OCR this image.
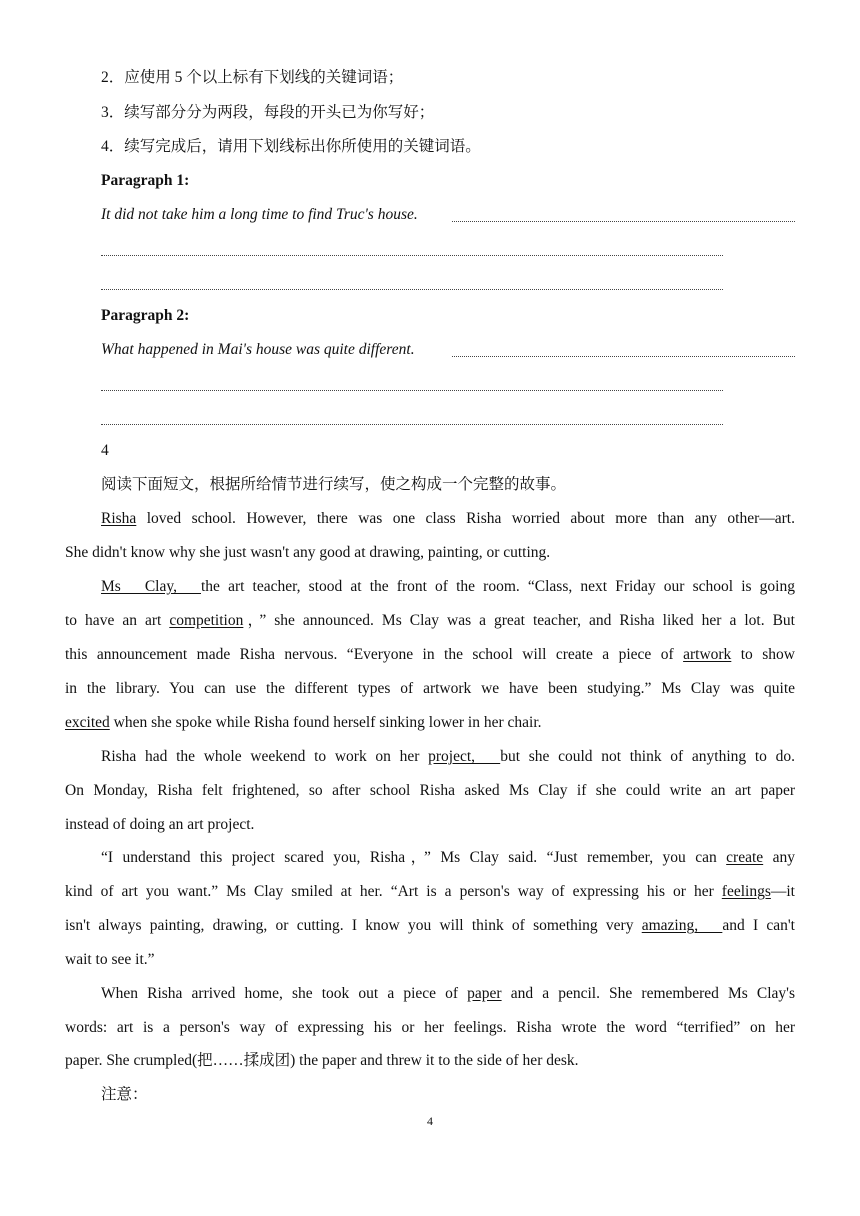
2．应使用 5 个以上标有下划线的关键词语；
3．续写部分分为两段，每段的开头已为你写好；
4．续写完成后，请用下划线标出你所使用的关键词语。
Paragraph 1:
It did not take him a long time to find Truc's house.
Paragraph 2:
What happened in Mai's house was quite different.
4
阅读下面短文，根据所给情节进行续写，使之构成一个完整的故事。
Risha loved school. However, there was one class Risha worried about more than any other—art.
She didn't know why she just wasn't any good at drawing, painting, or cutting.
Ms　Clay,　the art teacher, stood at the front of the room. “Class, next Friday our school is going
to have an art competition，” she announced. Ms Clay was a great teacher, and Risha liked her a lot. But
this announcement made Risha nervous. “Everyone in the school will create a piece of artwork to show
in the library. You can use the different types of artwork we have been studying.” Ms Clay was quite
excited when she spoke while Risha found herself sinking lower in her chair.
Risha had the whole weekend to work on her project,　but she could not think of anything to do.
On Monday, Risha felt frightened, so after school Risha asked Ms Clay if she could write an art paper
instead of doing an art project.
“I understand this project scared you, Risha，” Ms Clay said. “Just remember, you can create any
kind of art you want.” Ms Clay smiled at her. “Art is a person's way of expressing his or her feelings—it
isn't always painting, drawing, or cutting. I know you will think of something very amazing,　and I can't
wait to see it.”
When Risha arrived home, she took out a piece of paper and a pencil. She remembered Ms Clay's
words: art is a person's way of expressing his or her feelings. Risha wrote the word “terrified” on her
paper. She crumpled(把……揉成团) the paper and threw it to the side of her desk.
注意：
4
